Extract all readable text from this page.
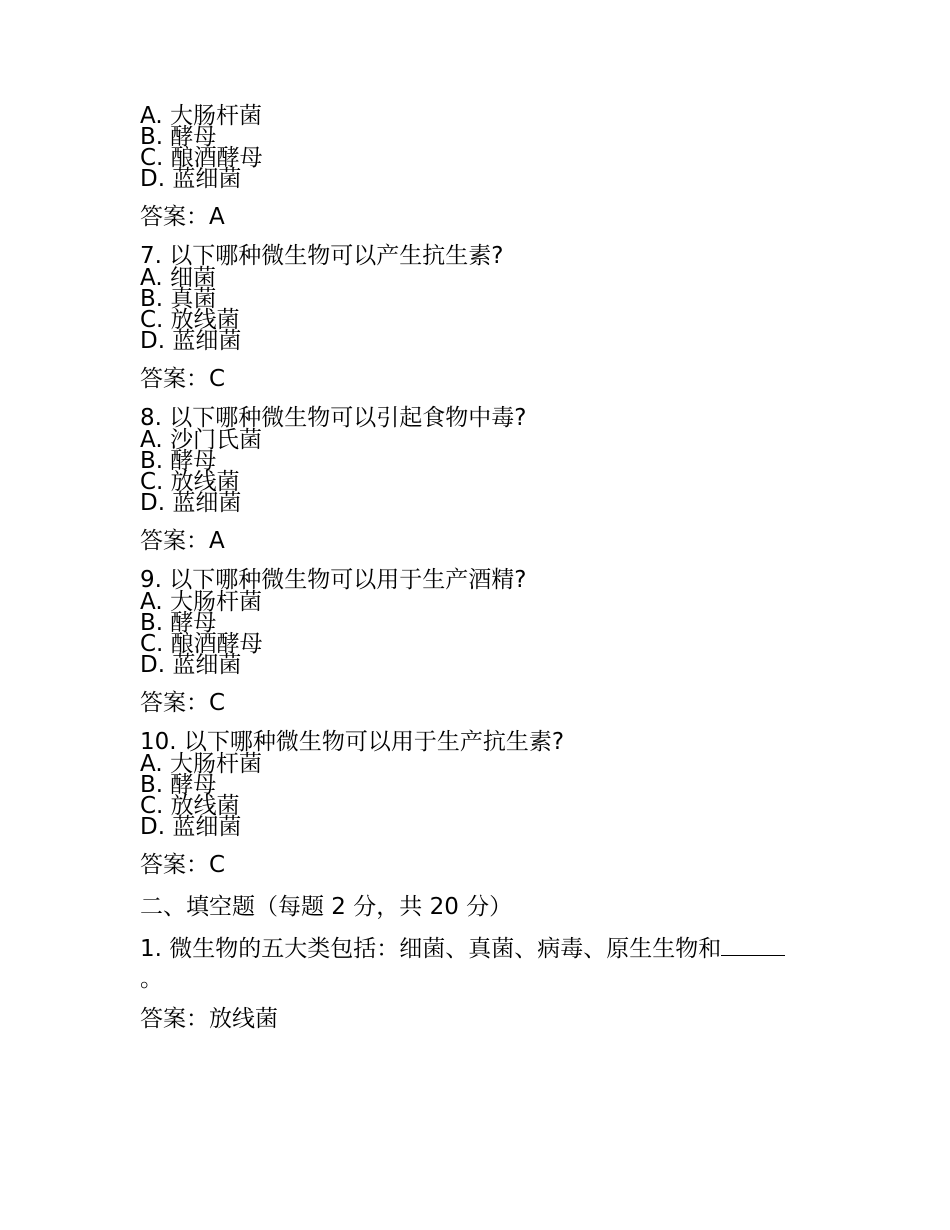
A. 大肠杆菌
B. 酵母
C. 酿酒酵母
D. 蓝细菌
答案：A
7. 以下哪种微生物可以产生抗生素?
A. 细菌
B. 真菌
C. 放线菌
D. 蓝细菌
答案：C
8. 以下哪种微生物可以引起食物中毒?
A. 沙门氏菌
B. 酵母
C. 放线菌
D. 蓝细菌
答案：A
9. 以下哪种微生物可以用于生产酒精?
A. 大肠杆菌
B. 酵母
C. 酿酒酵母
D. 蓝细菌
答案：C
10. 以下哪种微生物可以用于生产抗生素?
A. 大肠杆菌
B. 酵母
C. 放线菌
D. 蓝细菌
答案：C
二、填空题（每题 2 分，共 20 分）
1. 微生物的五大类包括：细菌、真菌、病毒、原生生物和。
答案：放线菌
